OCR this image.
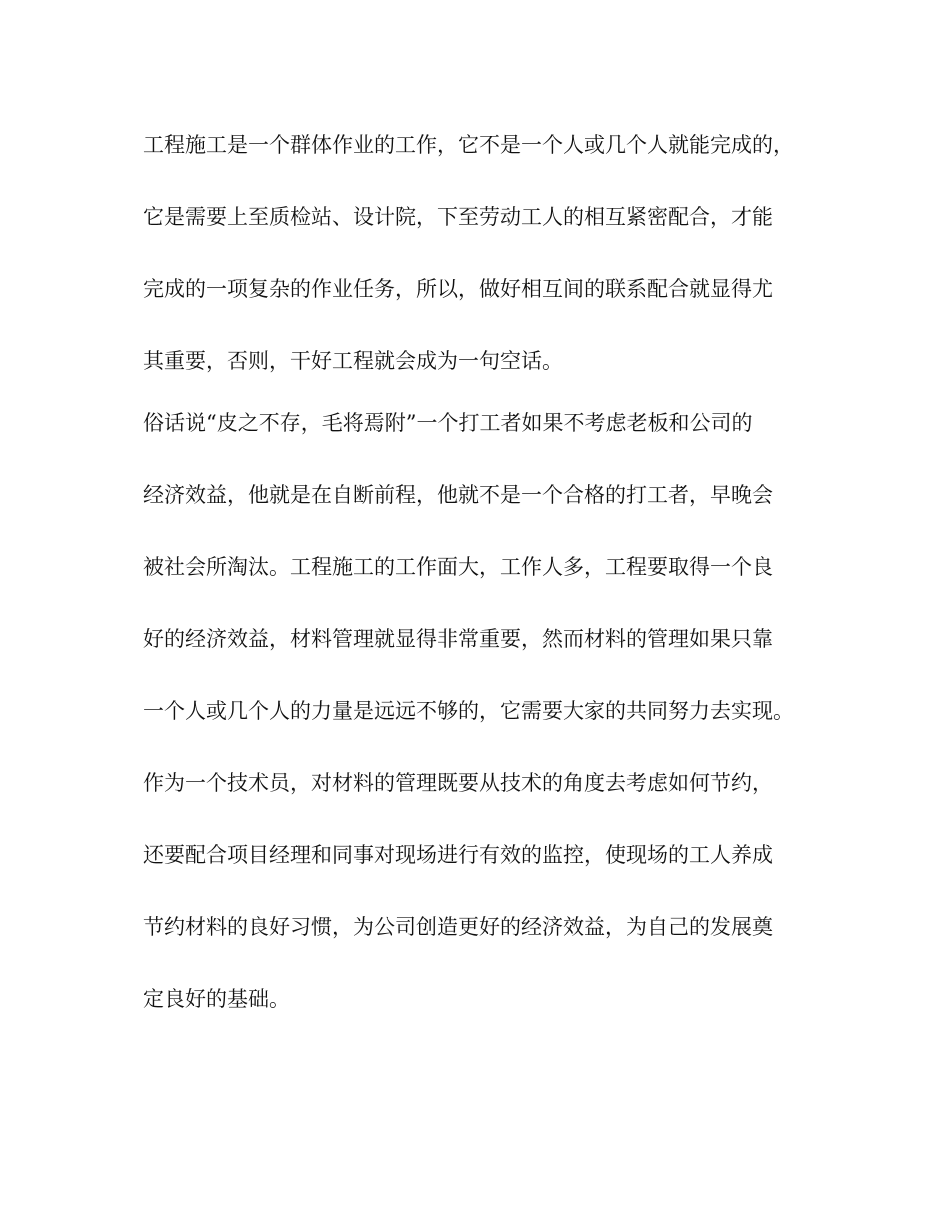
工程施工是一个群体作业的工作，它不是一个人或几个人就能完成的，
它是需要上至质检站、设计院，下至劳动工人的相互紧密配合，才能
完成的一项复杂的作业任务，所以，做好相互间的联系配合就显得尤
其重要，否则，干好工程就会成为一句空话。
俗话说“皮之不存，毛将焉附”一个打工者如果不考虑老板和公司的
经济效益，他就是在自断前程，他就不是一个合格的打工者，早晚会
被社会所淘汰。工程施工的工作面大，工作人多，工程要取得一个良
好的经济效益，材料管理就显得非常重要，然而材料的管理如果只靠
一个人或几个人的力量是远远不够的，它需要大家的共同努力去实现。
作为一个技术员，对材料的管理既要从技术的角度去考虑如何节约，
还要配合项目经理和同事对现场进行有效的监控，使现场的工人养成
节约材料的良好习惯，为公司创造更好的经济效益，为自己的发展奠
定良好的基础。
